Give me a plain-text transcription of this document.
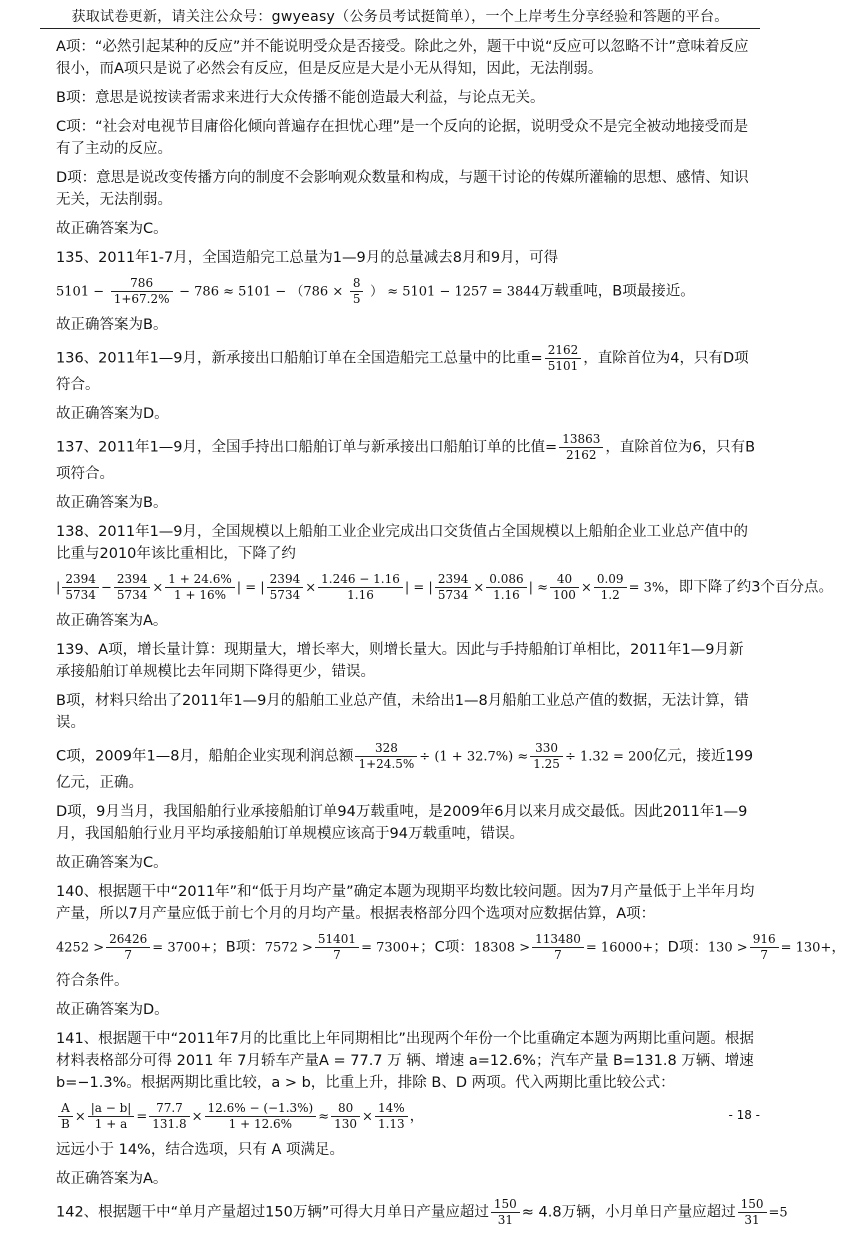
获取试卷更新，请关注公众号：gwyeasy（公务员考试挺简单），一个上岸考生分享经验和答题的平台。

A项：“必然引起某种的反应”并不能说明受众是否接受。除此之外，题干中说“反应可以忽略不计”意味着反应很小，而A项只是说了必然会有反应，但是反应是大是小无从得知，因此，无法削弱。

B项：意思是说按读者需求来进行大众传播不能创造最大利益，与论点无关。

C项：“社会对电视节目庸俗化倾向普遍存在担忧心理”是一个反向的论据，说明受众不是完全被动地接受而是有了主动的反应。

D项：意思是说改变传播方向的制度不会影响观众数量和构成，与题干讨论的传媒所灌输的思想、感情、知识无关，无法削弱。

故正确答案为C。

135、2011年1-7月，全国造船完工总量为1—9月的总量减去8月和9月，可得

$5101 - \frac{786}{1+67.2\%} - 786 \approx 5101 - (786 \times \frac{8}{5}$ ） ≈ 5101 − 1257 = 3844万载重吨，B项最接近。

故正确答案为B。

136、2011年1—9月，新承接出口船舶订单在全国造船完工总量中的比重= $\frac{2162}{5101}$ ，直除首位为4，只有D项符合。

故正确答案为D。

137、2011年1—9月，全国手持出口船舶订单与新承接出口船舶订单的比值= $\frac{13863}{2162}$ ，直除首位为6，只有B项符合。

故正确答案为B。

138、2011年1—9月，全国规模以上船舶工业企业完成出口交货值占全国规模以上船舶企业工业总产值中的比重与2010年该比重相比，下降了约

| $\frac{2394}{5734} - \frac{2394}{5734} \times \frac{1 + 24.6\%}{1 + 16\%}$ | = | $\frac{2394}{5734} \times \frac{1.246 - 1.16}{1.16}$ | = | $\frac{2394}{5734} \times \frac{0.086}{1.16}$ | ≈ $\frac{40}{100} \times \frac{0.09}{1.2} = 3\%$，即下降了约3个百分点。

故正确答案为A。

139、A项，增长量计算：现期量大，增长率大，则增长量大。因此与手持船舶订单相比，2011年1—9月新承接船舶订单规模比去年同期下降得更少，错误。

B项，材料只给出了2011年1—9月的船舶工业总产值，未给出1—8月船舶工业总产值的数据，无法计算，错误。

C项，2009年1—8月，船舶企业实现利润总额 $\frac{328}{1+24.5\%} \div (1 + 32.7\%) \approx \frac{330}{1.25} \div 1.32 = 200$亿元，接近199亿元，正确。

D项，9月当月，我国船舶行业承接船舶订单94万载重吨，是2009年6月以来月成交最低。因此2011年1—9月，我国船舶行业月平均承接船舶订单规模应该高于94万载重吨，错误。

故正确答案为C。

140、根据题干中“2011年”和“低于月均产量”确定本题为现期平均数比较问题。因为7月产量低于上半年月均产量，所以7月产量应低于前七个月的月均产量。根据表格部分四个选项对应数据估算，A项：

$4252 > \frac{26426}{7} = 3700+$；B项：$7572 > \frac{51401}{7} = 7300+$；C项：$18308 > \frac{113480}{7} = 16000+$；D项：$130 > \frac{916}{7} = 130+$，

符合条件。

故正确答案为D。

141、根据题干中“2011年7月的比重比上年同期相比”出现两个年份一个比重确定本题为两期比重问题。根据材料表格部分可得 2011 年 7月轿车产量A = 77.7 万 辆、增速 a=12.6%；汽车产量 B=131.8 万辆、增速 b=−1.3%。根据两期比重比较，a > b，比重上升，排除 B、D 两项。代入两期比重比较公式：

$\frac{A}{B} \times \frac{|a - b|}{1 + a} = \frac{77.7}{131.8} \times \frac{12.6\% - (-1.3\%)}{1 + 12.6\%} \approx \frac{80}{130} \times \frac{14\%}{1.13}$ ，

远远小于 14%，结合选项，只有 A 项满足。

故正确答案为A。

142、根据题干中“单月产量超过150万辆”可得大月单日产量应超过 $\frac{150}{31} \approx 4.8$万辆，小月单日产量应超过 $\frac{150}{31} =5$

- 18 -
